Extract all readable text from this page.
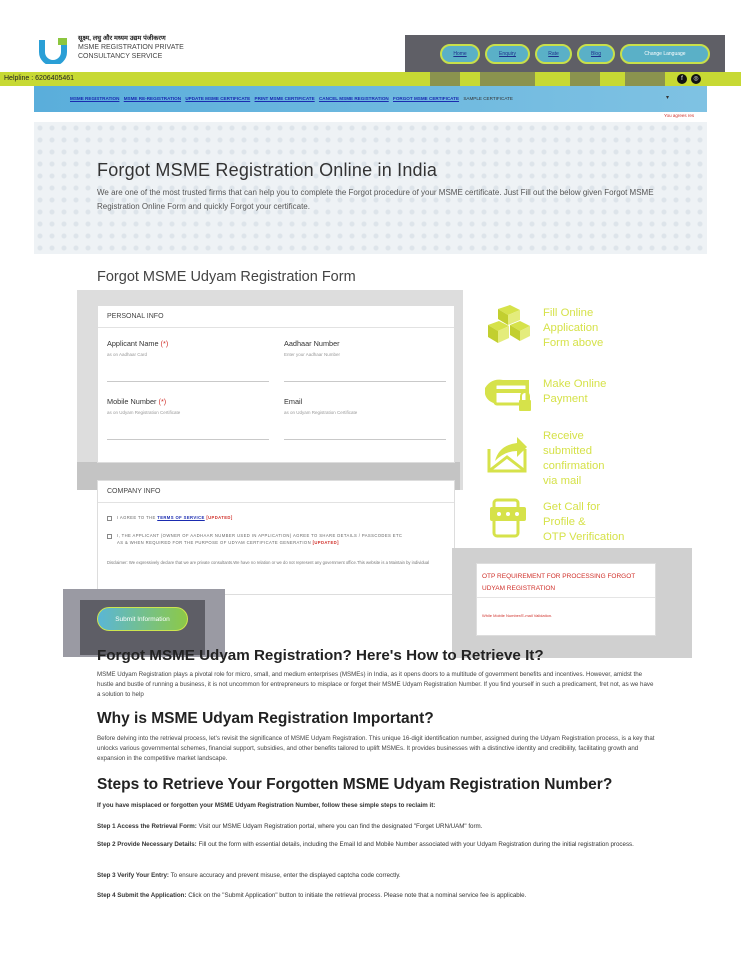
सूक्ष्म, लघु और मध्यम उद्यम पंजीकरण
MSME REGISTRATION PRIVATE
CONSULTANCY SERVICE	Home	Enquiry	Rate	Blog	Change Language
Helpline : 6206405461	f	◎
MSME REGISTRATION MSME RE-REGISTRATION UPDATE MSME CERTIFICATE PRINT MSME CERTIFICATE CANCEL MSME REGISTRATION FORGOT MSME CERTIFICATE SAMPLE CERTIFICATE	▾
You agrees res
Forgot MSME Registration Online in India

We are one of the most trusted firms that can help you to complete the Forgot procedure of your MSME certificate. Just Fill out the below given Forgot MSME Registration Online Form and quickly Forgot your certificate.

Forgot MSME Udyam Registration Form
PERSONAL INFO
Applicant Name (*)
as on Aadhaar Card
Aadhaar Number
Enter your Aadhaar Number
Mobile Number (*)
as on Udyam Registration Certificate
Email
as on Udyam Registration Certificate
COMPANY INFO
I AGREE TO THE TERMS OF SERVICE [UPDATED]
I, THE APPLICANT (OWNER OF AADHAAR NUMBER USED IN APPLICATION) AGREE TO SHARE DETAILS / PASSCODES ETC
AS & WHEN REQUIRED FOR THE PURPOSE OF UDYAM CERTIFICATE GENERATION [UPDATED]
Disclaimer: We expressively declare that we are private consultants.We have no relation or we do not represent any government office.This website is a Maintain by individual
Submit Information
Fill Online
Application
Form above
Make Online
Payment
Receive
submitted
confirmation
via mail
Get Call for
Profile &
OTP Verification
OTP REQUIREMENT FOR PROCESSING FORGOT UDYAM REGISTRATION
While Mobile Number/E-mail Validation.
Forgot MSME Udyam Registration? Here's How to Retrieve It?
MSME Udyam Registration plays a pivotal role for micro, small, and medium enterprises (MSMEs) in India, as it opens doors to a multitude of government benefits and incentives. However, amidst the hustle and bustle of running a business, it is not uncommon for entrepreneurs to misplace or forget their MSME Udyam Registration Number. If you find yourself in such a predicament, fret not, as we have a solution to help
Why is MSME Udyam Registration Important?
Before delving into the retrieval process, let's revisit the significance of MSME Udyam Registration. This unique 16-digit identification number, assigned during the Udyam Registration process, is a key that unlocks various governmental schemes, financial support, subsidies, and other benefits tailored to uplift MSMEs. It provides businesses with a distinctive identity and credibility, facilitating growth and expansion in the competitive market landscape.
Steps to Retrieve Your Forgotten MSME Udyam Registration Number?
If you have misplaced or forgotten your MSME Udyam Registration Number, follow these simple steps to reclaim it:
Step 1 Access the Retrieval Form: Visit our MSME Udyam Registration portal, where you can find the designated "Forget URN/UAM" form.
Step 2 Provide Necessary Details: Fill out the form with essential details, including the Email Id and Mobile Number associated with your Udyam Registration during the initial registration process.
Step 3 Verify Your Entry: To ensure accuracy and prevent misuse, enter the displayed captcha code correctly.
Step 4 Submit the Application: Click on the "Submit Application" button to initiate the retrieval process. Please note that a nominal service fee is applicable.
